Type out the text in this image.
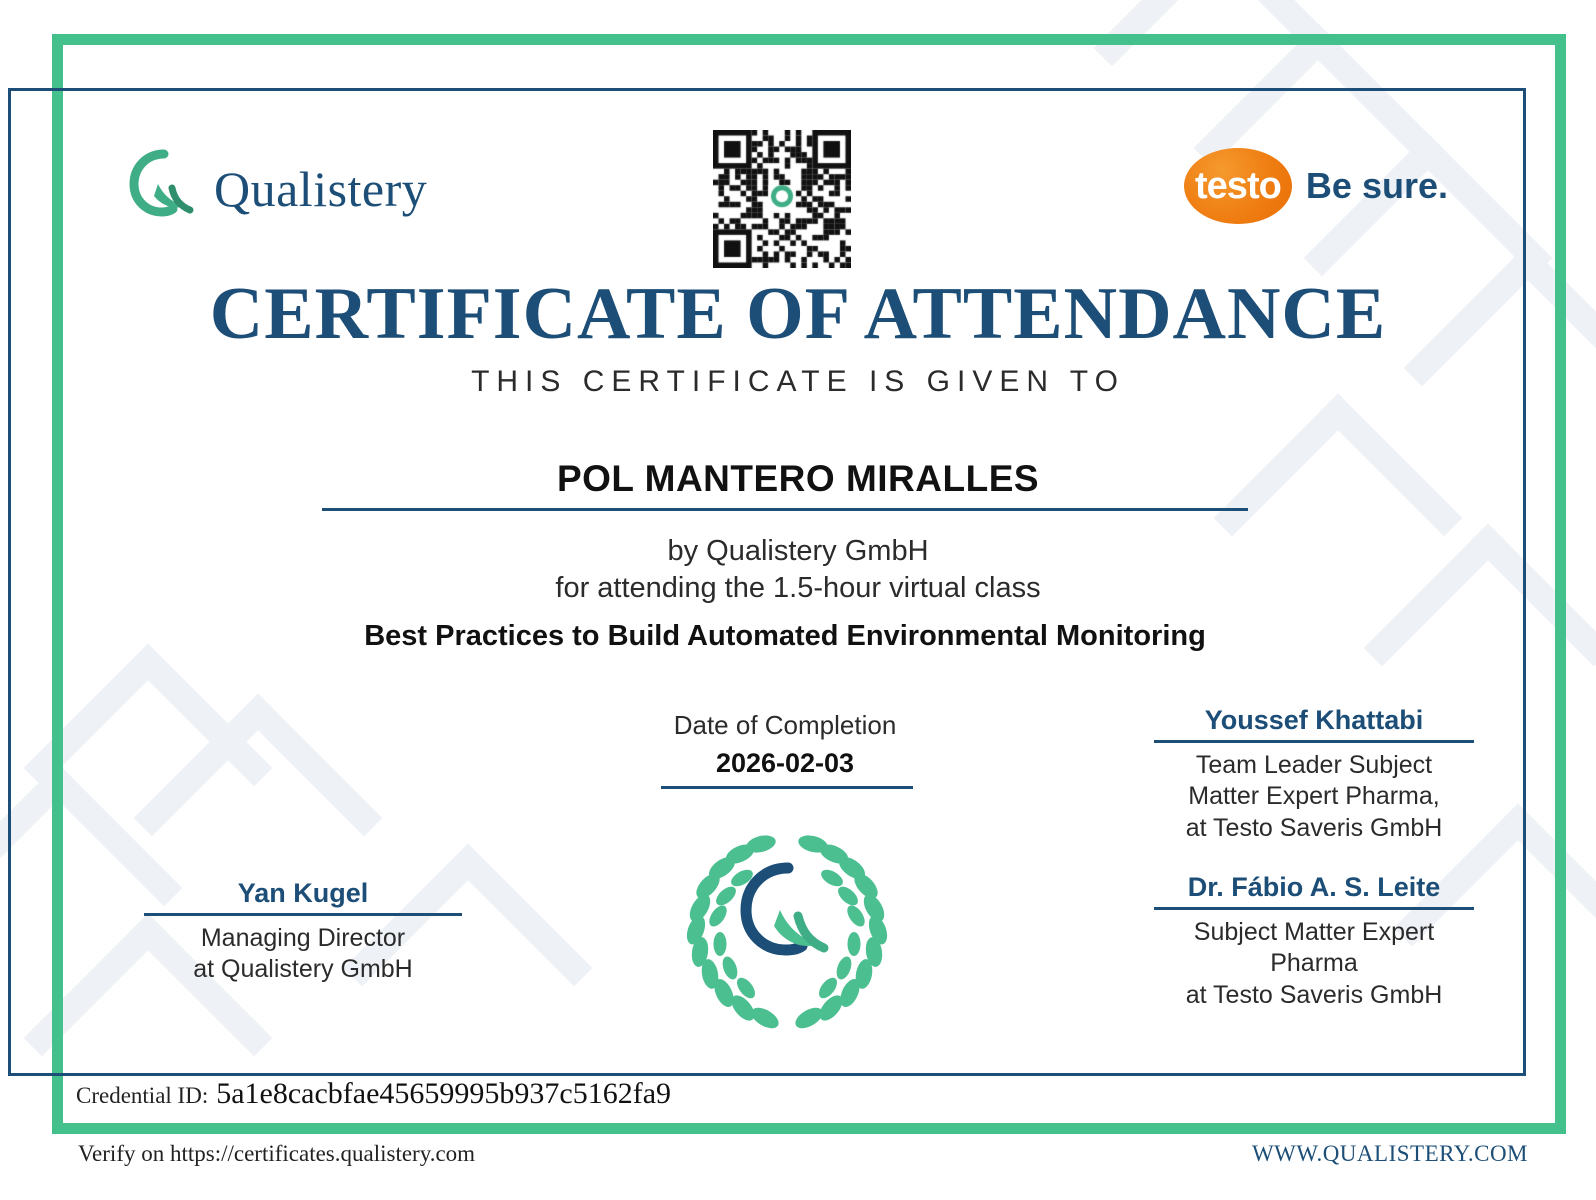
Qualistery	testo Be sure.
CERTIFICATE OF ATTENDANCE
THIS CERTIFICATE IS GIVEN TO
POL MANTERO MIRALLES
by Qualistery GmbH
for attending the 1.5-hour virtual class
Best Practices to Build Automated Environmental Monitoring
Date of Completion
2026-02-03
Yan Kugel
Managing Director
at Qualistery GmbH
Youssef Khattabi
Team Leader Subject
Matter Expert Pharma,
at Testo Saveris GmbH
Dr. Fábio A. S. Leite
Subject Matter Expert
Pharma
at Testo Saveris GmbH
Credential ID: 5a1e8cacbfae45659995b937c5162fa9
Verify on https://certificates.qualistery.com	WWW.QUALISTERY.COM
